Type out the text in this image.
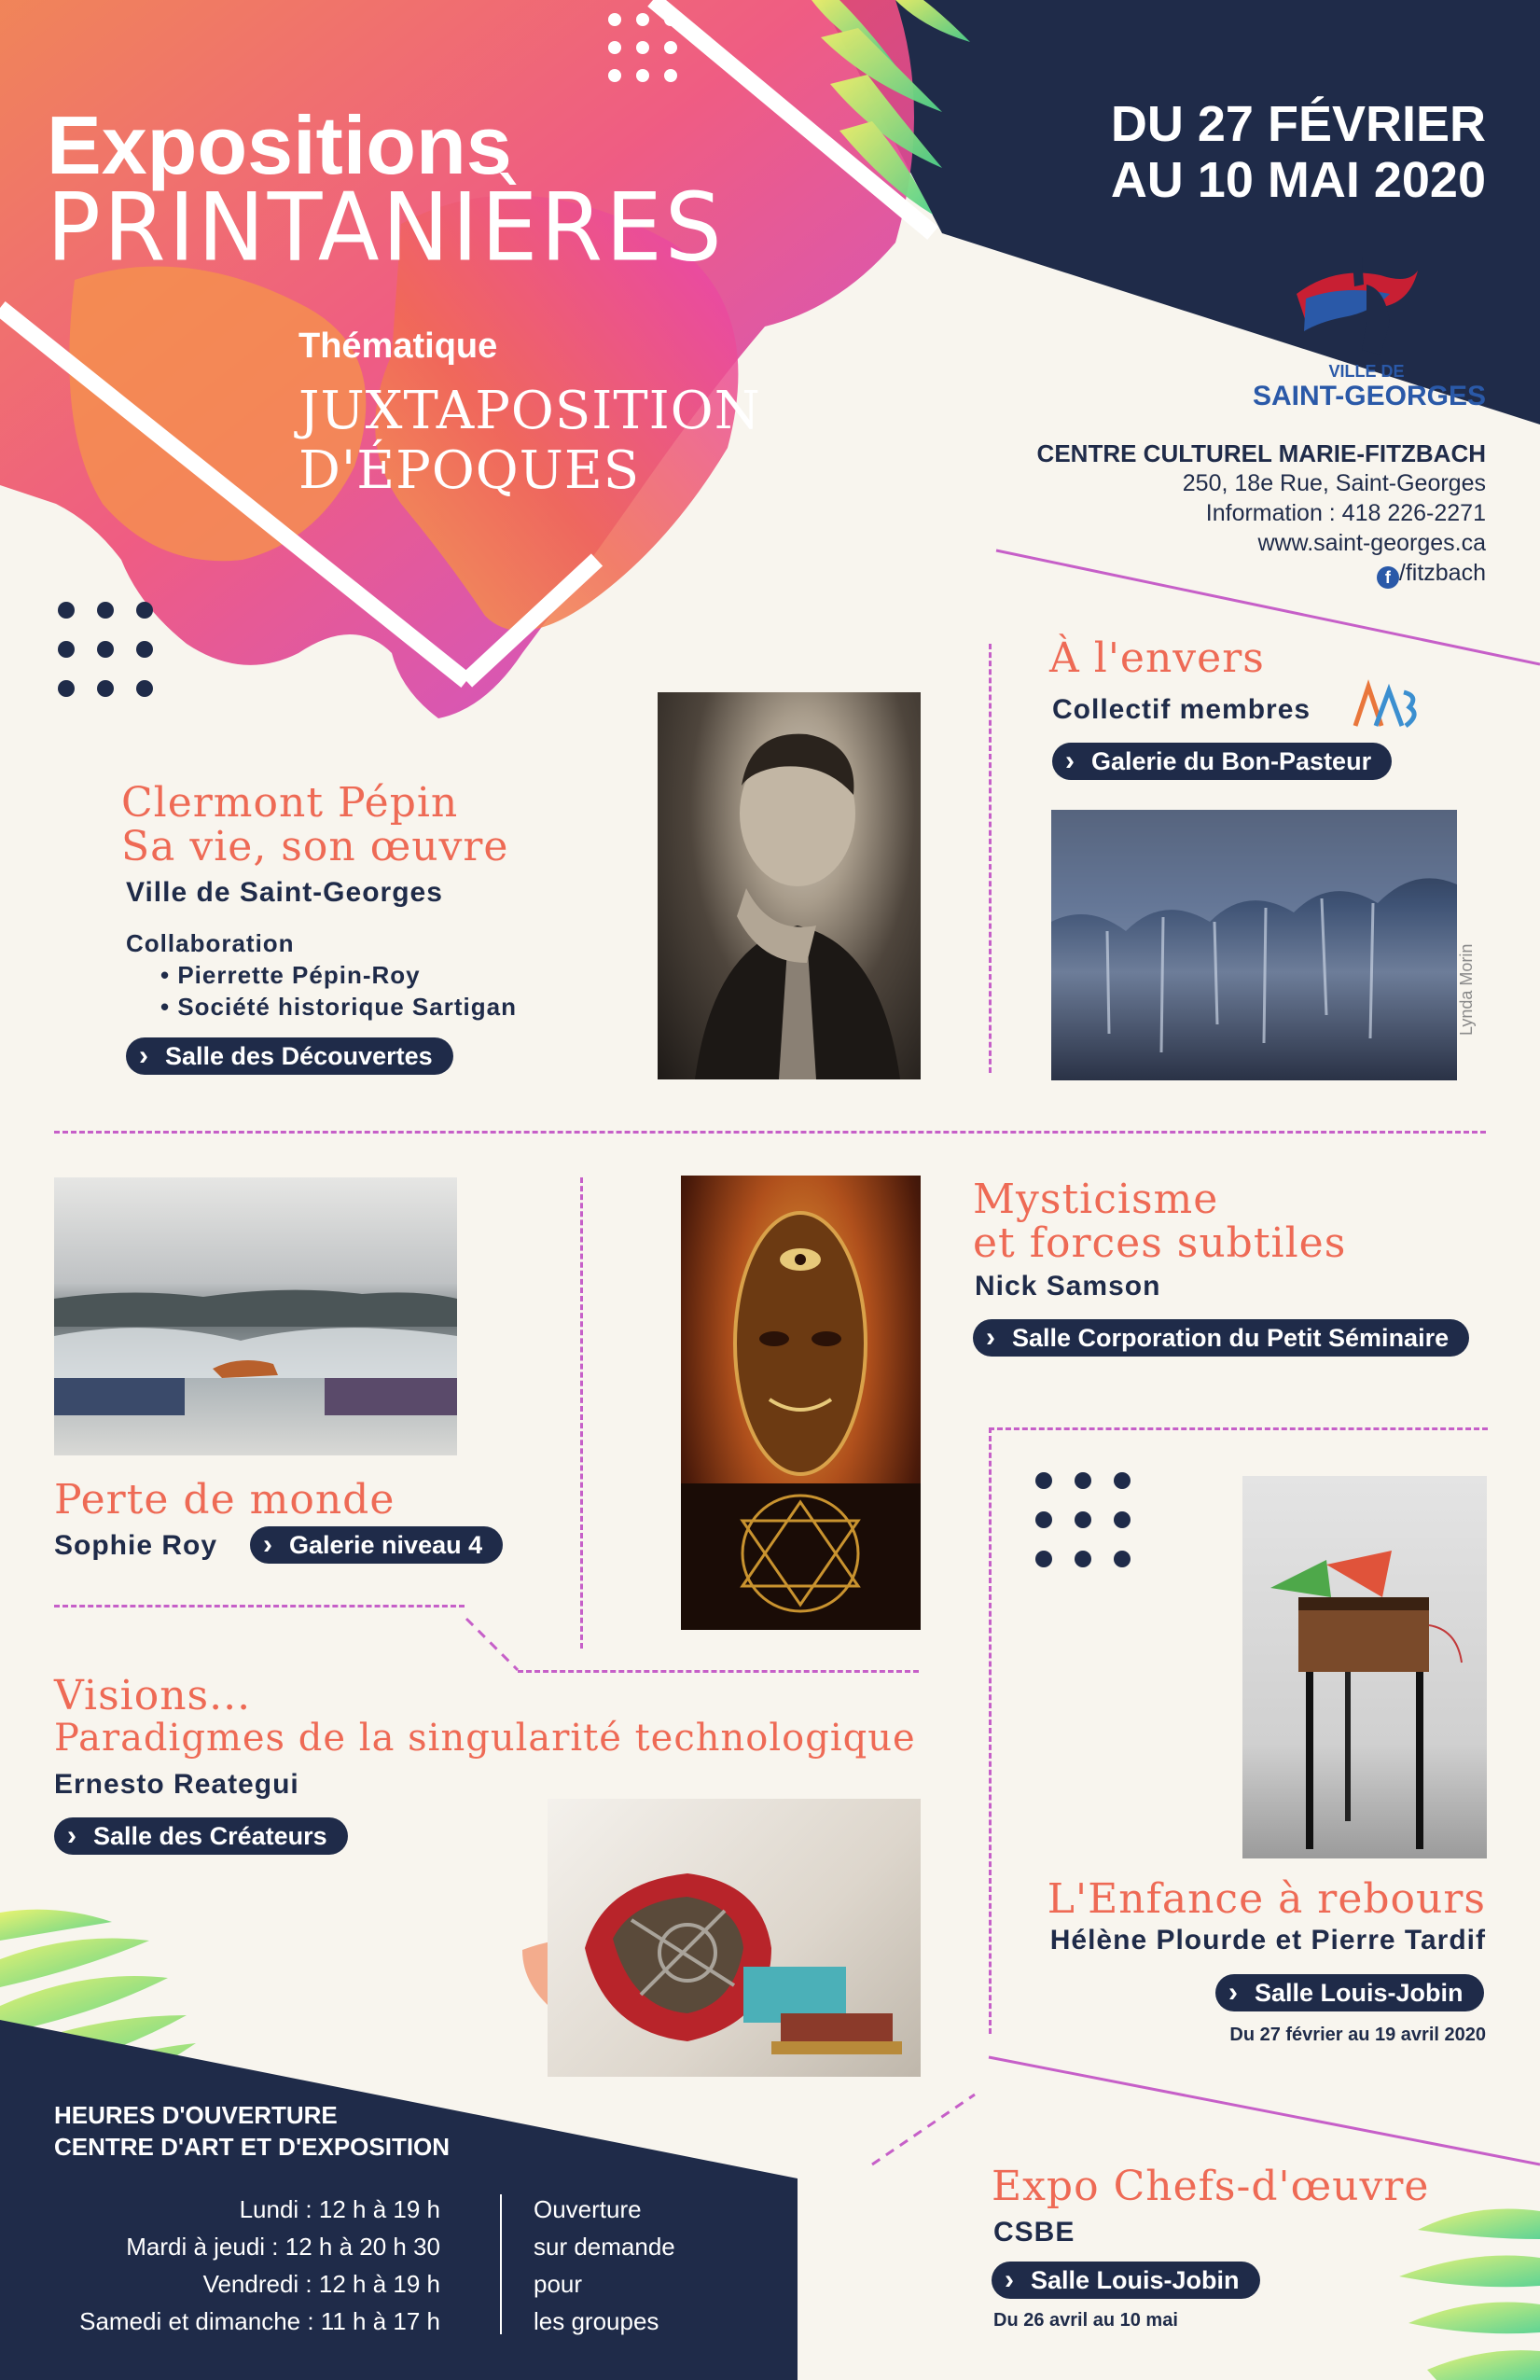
Expositions
PRINTANIÈRES
Thématique
JUXTAPOSITION
D'ÉPOQUES
DU 27 FÉVRIER
AU 10 MAI 2020
VILLE DE
SAINT-GEORGES
CENTRE CULTUREL MARIE-FITZBACH
250, 18e Rue, Saint-Georges
Information : 418 226-2271
www.saint-georges.ca
f /fitzbach
Clermont Pépin
Sa vie, son œuvre
Ville de Saint-Georges
Collaboration
• Pierrette Pépin-Roy
• Société historique Sartigan
› Salle des Découvertes
À l'envers
Collectif membres
› Galerie du Bon-Pasteur
Lynda Morin
Perte de monde
Sophie Roy › Galerie niveau 4
Mysticisme
et forces subtiles
Nick Samson
› Salle Corporation du Petit Séminaire
L'Enfance à rebours
Hélène Plourde et Pierre Tardif
› Salle Louis-Jobin
Du 27 février au 19 avril 2020
Visions...
Paradigmes de la singularité technologique
Ernesto Reategui
› Salle des Créateurs
HEURES D'OUVERTURE
CENTRE D'ART ET D'EXPOSITION
Lundi : 12 h à 19 h
Mardi à jeudi : 12 h à 20 h 30
Vendredi : 12 h à 19 h
Samedi et dimanche : 11 h à 17 h
Ouverture
sur demande
pour
les groupes
Expo Chefs-d'œuvre
CSBE
› Salle Louis-Jobin
Du 26 avril au 10 mai
